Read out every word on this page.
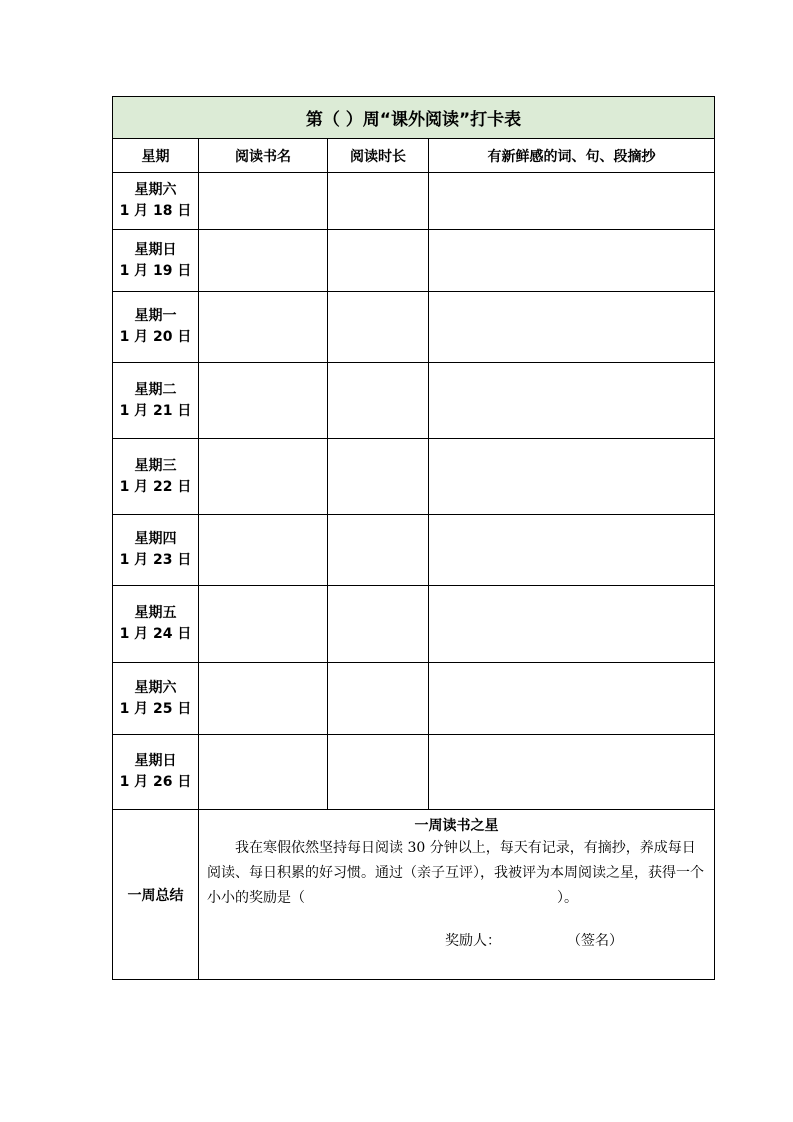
第（ ）周“课外阅读”打卡表			
星期	阅读书名	阅读时长	有新鲜感的词、句、段摘抄

星期六
1 月 18 日			

星期日
1 月 19 日			

星期一
1 月 20 日			

星期二
1 月 21 日			

星期三
1 月 22 日			

星期四
1 月 23 日			

星期五
1 月 24 日			

星期六
1 月 25 日			

星期日
1 月 26 日			

一周总结	一周读书之星
我在寒假依然坚持每日阅读 30 分钟以上，每天有记录，有摘抄，养成每日阅读、每日积累的好习惯。通过（亲子互评），我被评为本周阅读之星，获得一个小小的奖励是（ ）。
奖励人： （签名）		
